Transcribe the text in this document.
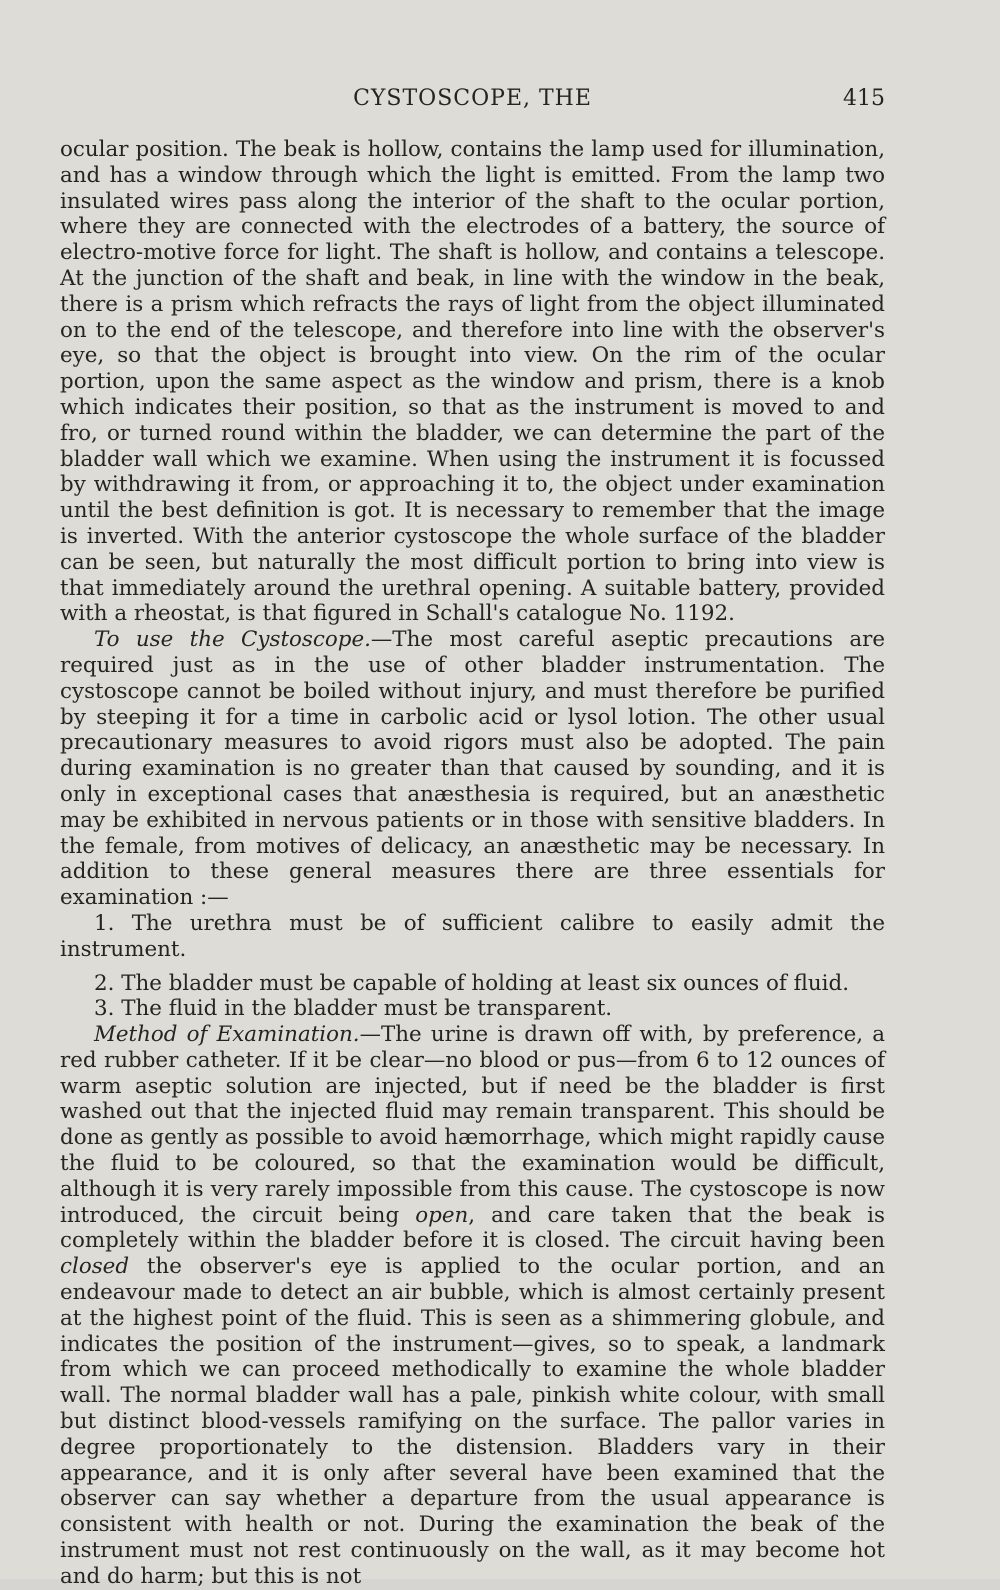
CYSTOSCOPE, THE	415

ocular position. The beak is hollow, contains the lamp used for illumination, and has a window through which the light is emitted. From the lamp two insulated wires pass along the interior of the shaft to the ocular portion, where they are connected with the electrodes of a battery, the source of electro-motive force for light. The shaft is hollow, and contains a telescope. At the junction of the shaft and beak, in line with the window in the beak, there is a prism which refracts the rays of light from the object illuminated on to the end of the telescope, and therefore into line with the observer's eye, so that the object is brought into view. On the rim of the ocular portion, upon the same aspect as the window and prism, there is a knob which indicates their position, so that as the instrument is moved to and fro, or turned round within the bladder, we can determine the part of the bladder wall which we examine. When using the instrument it is focussed by withdrawing it from, or approaching it to, the object under examination until the best definition is got. It is necessary to remember that the image is inverted. With the anterior cystoscope the whole surface of the bladder can be seen, but naturally the most difficult portion to bring into view is that immediately around the urethral opening. A suitable battery, provided with a rheostat, is that figured in Schall's catalogue No. 1192.

To use the Cystoscope.—The most careful aseptic precautions are required just as in the use of other bladder instrumentation. The cystoscope cannot be boiled without injury, and must therefore be purified by steeping it for a time in carbolic acid or lysol lotion. The other usual precautionary measures to avoid rigors must also be adopted. The pain during examination is no greater than that caused by sounding, and it is only in exceptional cases that anæsthesia is required, but an anæsthetic may be exhibited in nervous patients or in those with sensitive bladders. In the female, from motives of delicacy, an anæsthetic may be necessary. In addition to these general measures there are three essentials for examination :—

1. The urethra must be of sufficient calibre to easily admit the instrument.

2. The bladder must be capable of holding at least six ounces of fluid.

3. The fluid in the bladder must be transparent.

Method of Examination.—The urine is drawn off with, by preference, a red rubber catheter. If it be clear—no blood or pus—from 6 to 12 ounces of warm aseptic solution are injected, but if need be the bladder is first washed out that the injected fluid may remain transparent. This should be done as gently as possible to avoid hæmorrhage, which might rapidly cause the fluid to be coloured, so that the examination would be difficult, although it is very rarely impossible from this cause. The cystoscope is now introduced, the circuit being open, and care taken that the beak is completely within the bladder before it is closed. The circuit having been closed the observer's eye is applied to the ocular portion, and an endeavour made to detect an air bubble, which is almost certainly present at the highest point of the fluid. This is seen as a shimmering globule, and indicates the position of the instrument—gives, so to speak, a landmark from which we can proceed methodically to examine the whole bladder wall. The normal bladder wall has a pale, pinkish white colour, with small but distinct blood-vessels ramifying on the surface. The pallor varies in degree proportionately to the distension. Bladders vary in their appearance, and it is only after several have been examined that the observer can say whether a departure from the usual appearance is consistent with health or not. During the examination the beak of the instrument must not rest continuously on the wall, as it may become hot and do harm; but this is not
